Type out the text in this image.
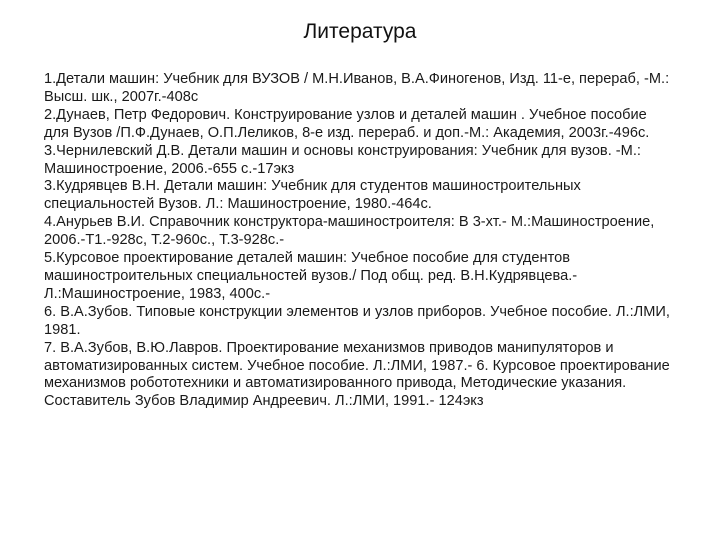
Литература

1.Детали машин: Учебник для ВУЗОВ / М.Н.Иванов, В.А.Финогенов, Изд. 11-е, перераб, -М.: Высш. шк., 2007г.-408с

2.Дунаев, Петр Федорович. Конструирование узлов и деталей машин . Учебное пособие для Вузов /П.Ф.Дунаев, О.П.Леликов, 8-е изд. перераб. и доп.-М.: Академия, 2003г.-496с.

3.Чернилевский Д.В. Детали машин и основы конструирования: Учебник для вузов. -М.: Машиностроение, 2006.-655 с.-17экз

3.Кудрявцев В.Н. Детали машин: Учебник для студентов машиностроительных специальностей Вузов. Л.: Машиностроение, 1980.-464с.

4.Анурьев В.И. Справочник конструктора-машиностроителя: В 3-хт.- М.:Машиностроение, 2006.-Т1.-928с, Т.2-960с., Т.3-928с.-

5.Курсовое проектирование деталей машин: Учебное пособие для студентов машиностроительных специальностей вузов./ Под общ. ред. В.Н.Кудрявцева.- Л.:Машиностроение, 1983, 400с.-

6. В.А.Зубов. Типовые конструкции элементов и узлов приборов. Учебное пособие. Л.:ЛМИ, 1981.

7. В.А.Зубов, В.Ю.Лавров. Проектирование механизмов приводов манипуляторов и автоматизированных систем. Учебное пособие. Л.:ЛМИ, 1987.- 6. Курсовое проектирование механизмов робототехники и автоматизированного привода, Методические указания. Составитель Зубов Владимир Андреевич. Л.:ЛМИ, 1991.- 124экз
